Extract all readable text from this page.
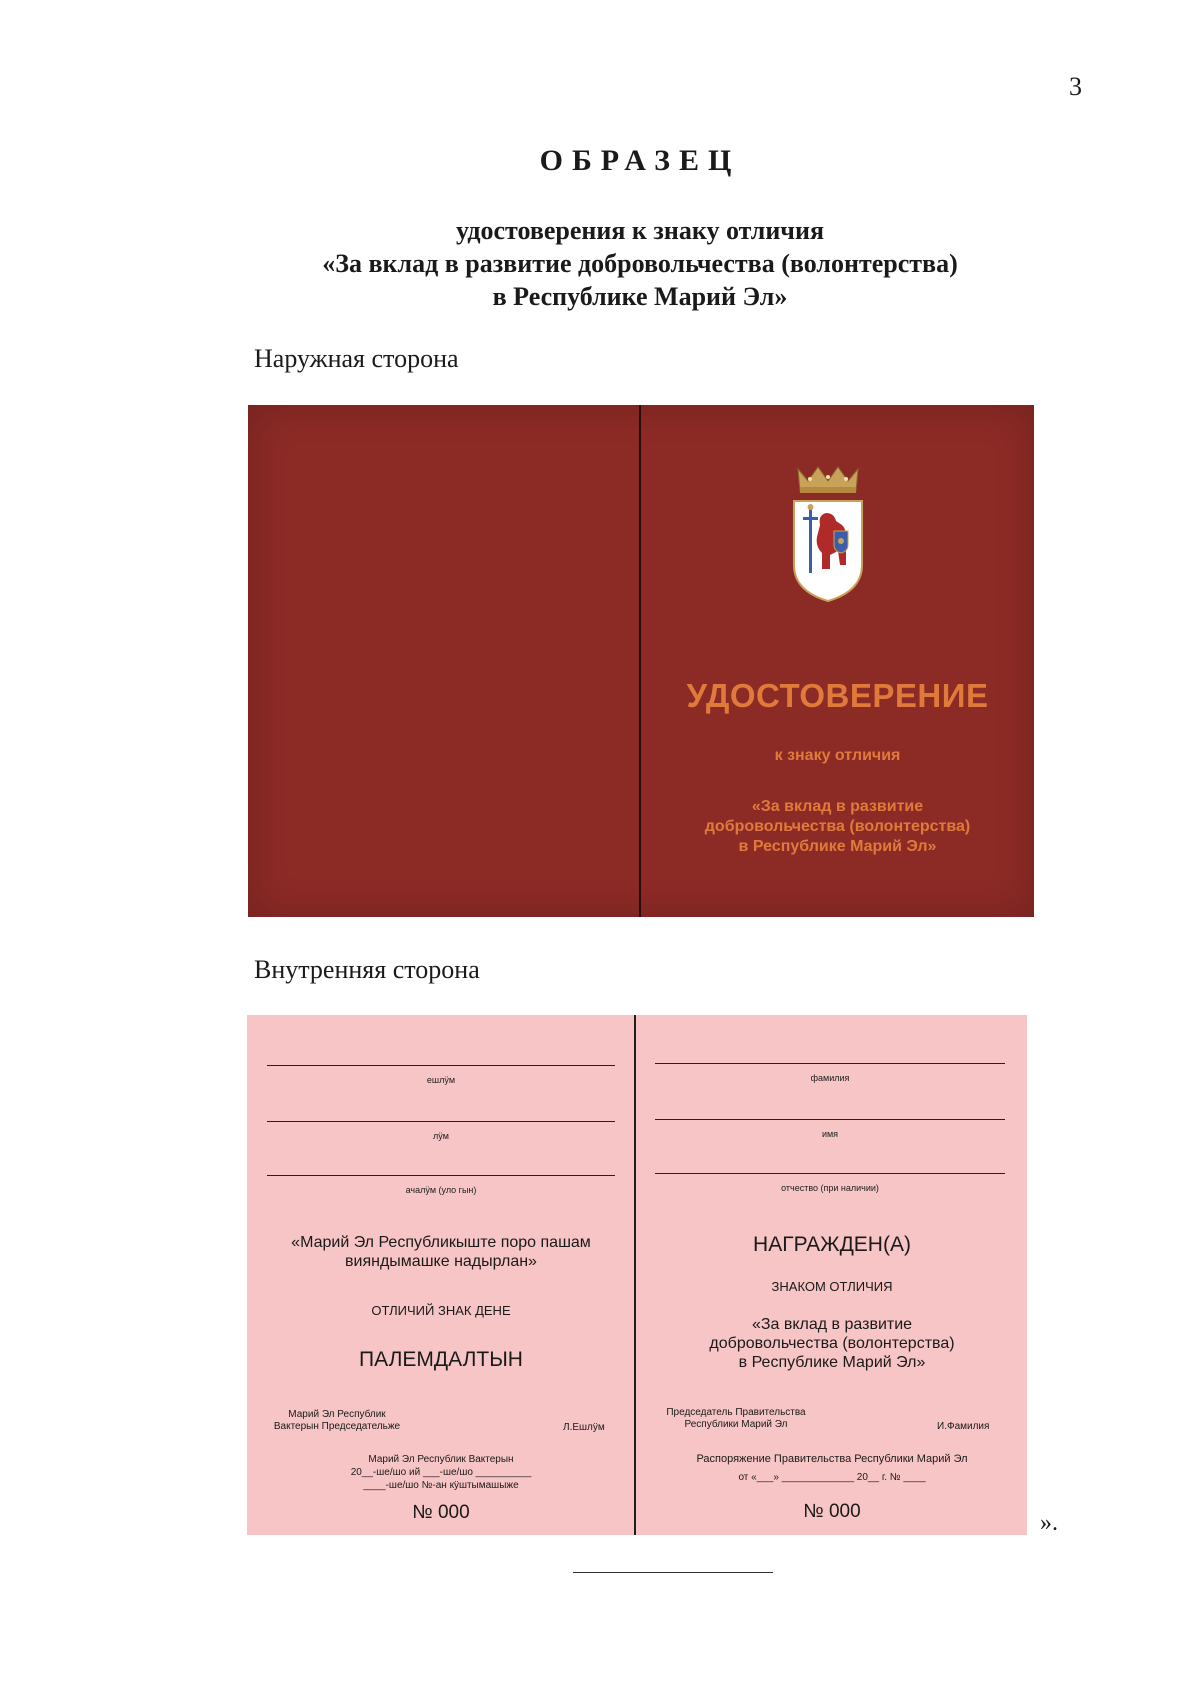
3
ОБРАЗЕЦ
удостоверения к знаку отличия
«За вклад в развитие добровольчества (волонтерства)
в Республике Марий Эл»
Наружная сторона
УДОСТОВЕРЕНИЕ
к знаку отличия
«За вклад в развитие
добровольчества (волонтерства)
в Республике Марий Эл»
Внутренняя сторона
ешлӱм
лӱм
ачалӱм (уло гын)
«Марий Эл Республикыште поро пашам
вияндымашке надырлан»
ОТЛИЧИЙ ЗНАК ДЕНЕ
ПАЛЕМДАЛТЫН
Марий Эл Республик
Вактерын Председательже	Л.Ешлӱм
Марий Эл Республик Вактерын
20__-ше/шо ий ___-ше/шо __________
____-ше/шо №-ан кӱштымашыже
№ 000
фамилия
имя
отчество (при наличии)
НАГРАЖДЕН(А)
ЗНАКОМ ОТЛИЧИЯ
«За вклад в развитие
добровольчества (волонтерства)
в Республике Марий Эл»
Председатель Правительства
Республики Марий Эл	И.Фамилия
Распоряжение Правительства Республики Марий Эл
от «___» _____________ 20__ г. № ____
№ 000	».
